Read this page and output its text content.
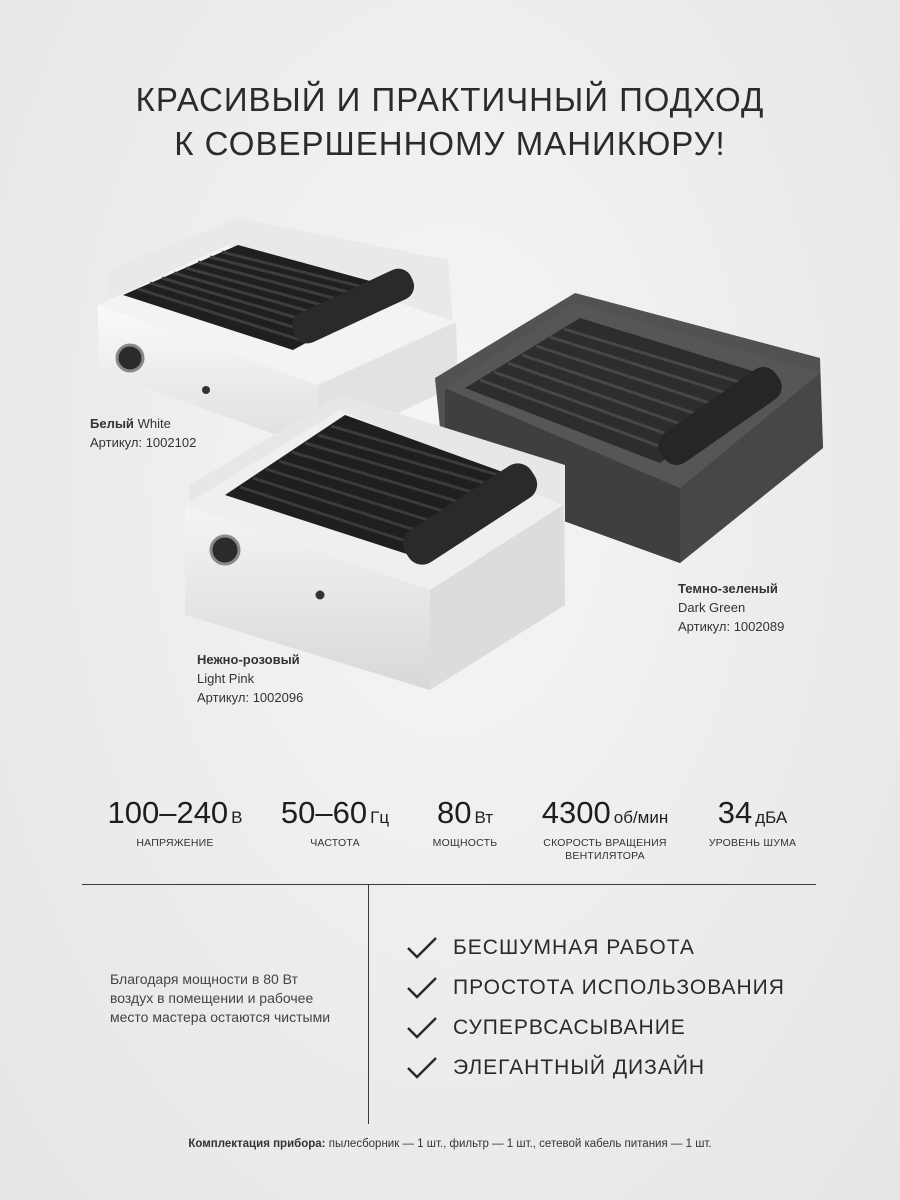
КРАСИВЫЙ И ПРАКТИЧНЫЙ ПОДХОД
К СОВЕРШЕННОМУ МАНИКЮРУ!
Белый White
Артикул: 1002102
Нежно-розовый
Light Pink
Артикул: 1002096
Темно-зеленый
Dark Green
Артикул: 1002089
100–240 В
НАПРЯЖЕНИЕ
50–60 Гц
ЧАСТОТА
80 Вт
МОЩНОСТЬ
4300 об/мин
СКОРОСТЬ ВРАЩЕНИЯ ВЕНТИЛЯТОРА
34 дБА
УРОВЕНЬ ШУМА
Благодаря мощности в 80 Вт воздух в помещении и рабочее место мастера остаются чистыми
БЕСШУМНАЯ РАБОТА
ПРОСТОТА ИСПОЛЬЗОВАНИЯ
СУПЕРВСАСЫВАНИЕ
ЭЛЕГАНТНЫЙ ДИЗАЙН
Комплектация прибора: пылесборник — 1 шт., фильтр — 1 шт., сетевой кабель питания — 1 шт.
